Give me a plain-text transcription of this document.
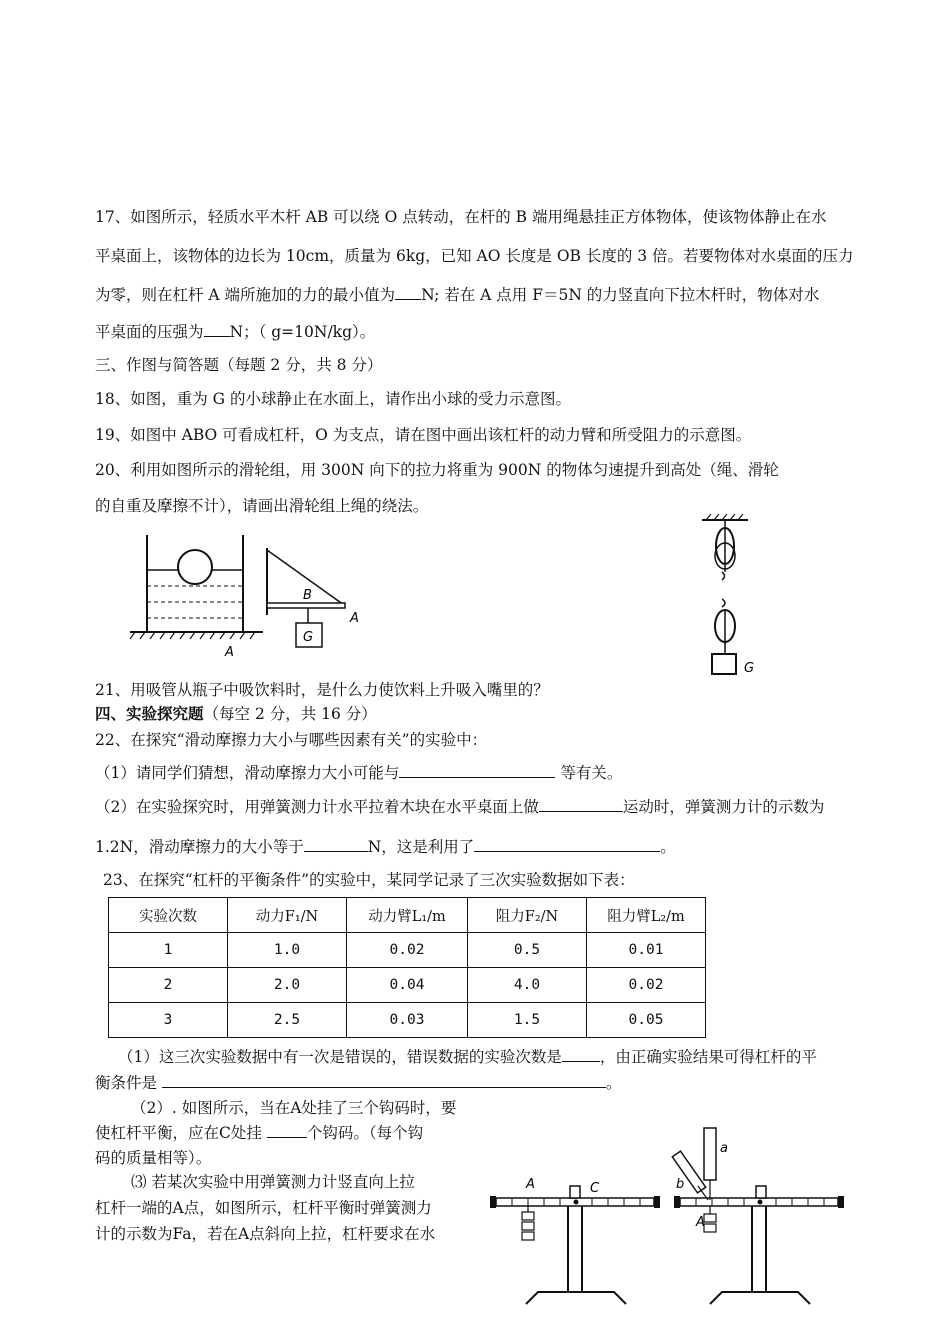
17、如图所示，轻质水平木杆 AB 可以绕 O 点转动，在杆的 B 端用绳悬挂正方体物体，使该物体静止在水
平桌面上，该物体的边长为 10cm，质量为 6kg，已知 AO 长度是 OB 长度的 3 倍。若要物体对水桌面的压力
为零，则在杠杆 A 端所施加的力的最小值为 N; 若在 A 点用 F＝5N 的力竖直向下拉木杆时，物体对水
平桌面的压强为 N；（ g=10N/kg）。
三、作图与简答题（每题 2 分，共 8 分）
18、如图，重为 G 的小球静止在水面上，请作出小球的受力示意图。
19、如图中 ABO 可看成杠杆，O 为支点，请在图中画出该杠杆的动力臂和所受阻力的示意图。
20、利用如图所示的滑轮组，用 300N 向下的拉力将重为 900N 的物体匀速提升到高处（绳、滑轮
的自重及摩擦不计），请画出滑轮组上绳的绕法。
A
B
A
G
G
21、用吸管从瓶子中吸饮料时，是什么力使饮料上升吸入嘴里的？
四、实验探究题（每空 2 分，共 16 分）
22、在探究“滑动摩擦力大小与哪些因素有关”的实验中：
（1）请同学们猜想，滑动摩擦力大小可能与	等有关。
（2）在实验探究时，用弹簧测力计水平拉着木块在水平桌面上做	运动时，弹簧测力计的示数为
1.2N，滑动摩擦力的大小等于	N，这是利用了	。
23、在探究“杠杆的平衡条件”的实验中，某同学记录了三次实验数据如下表：
实验次数	动力F₁/N	动力臂L₁/m	阻力F₂/N	阻力臂L₂/m
1	1.0	0.02	0.5	0.01
2	2.0	0.04	4.0	0.02
3	2.5	0.03	1.5	0.05
（1）这三次实验数据中有一次是错误的，错误数据的实验次数是 ，由正确实验结果可得杠杆的平
衡条件是	。
（2）. 如图所示，当在A处挂了三个钩码时，要
使杠杆平衡，应在C处挂	个钩码。（每个钩
码的质量相等）。
⑶ 若某次实验中用弹簧测力计竖直向上拉
杠杆一端的A点，如图所示，杠杆平衡时弹簧测力
计的示数为Fa，若在A点斜向上拉，杠杆要求在水
A	C
a
b
A
